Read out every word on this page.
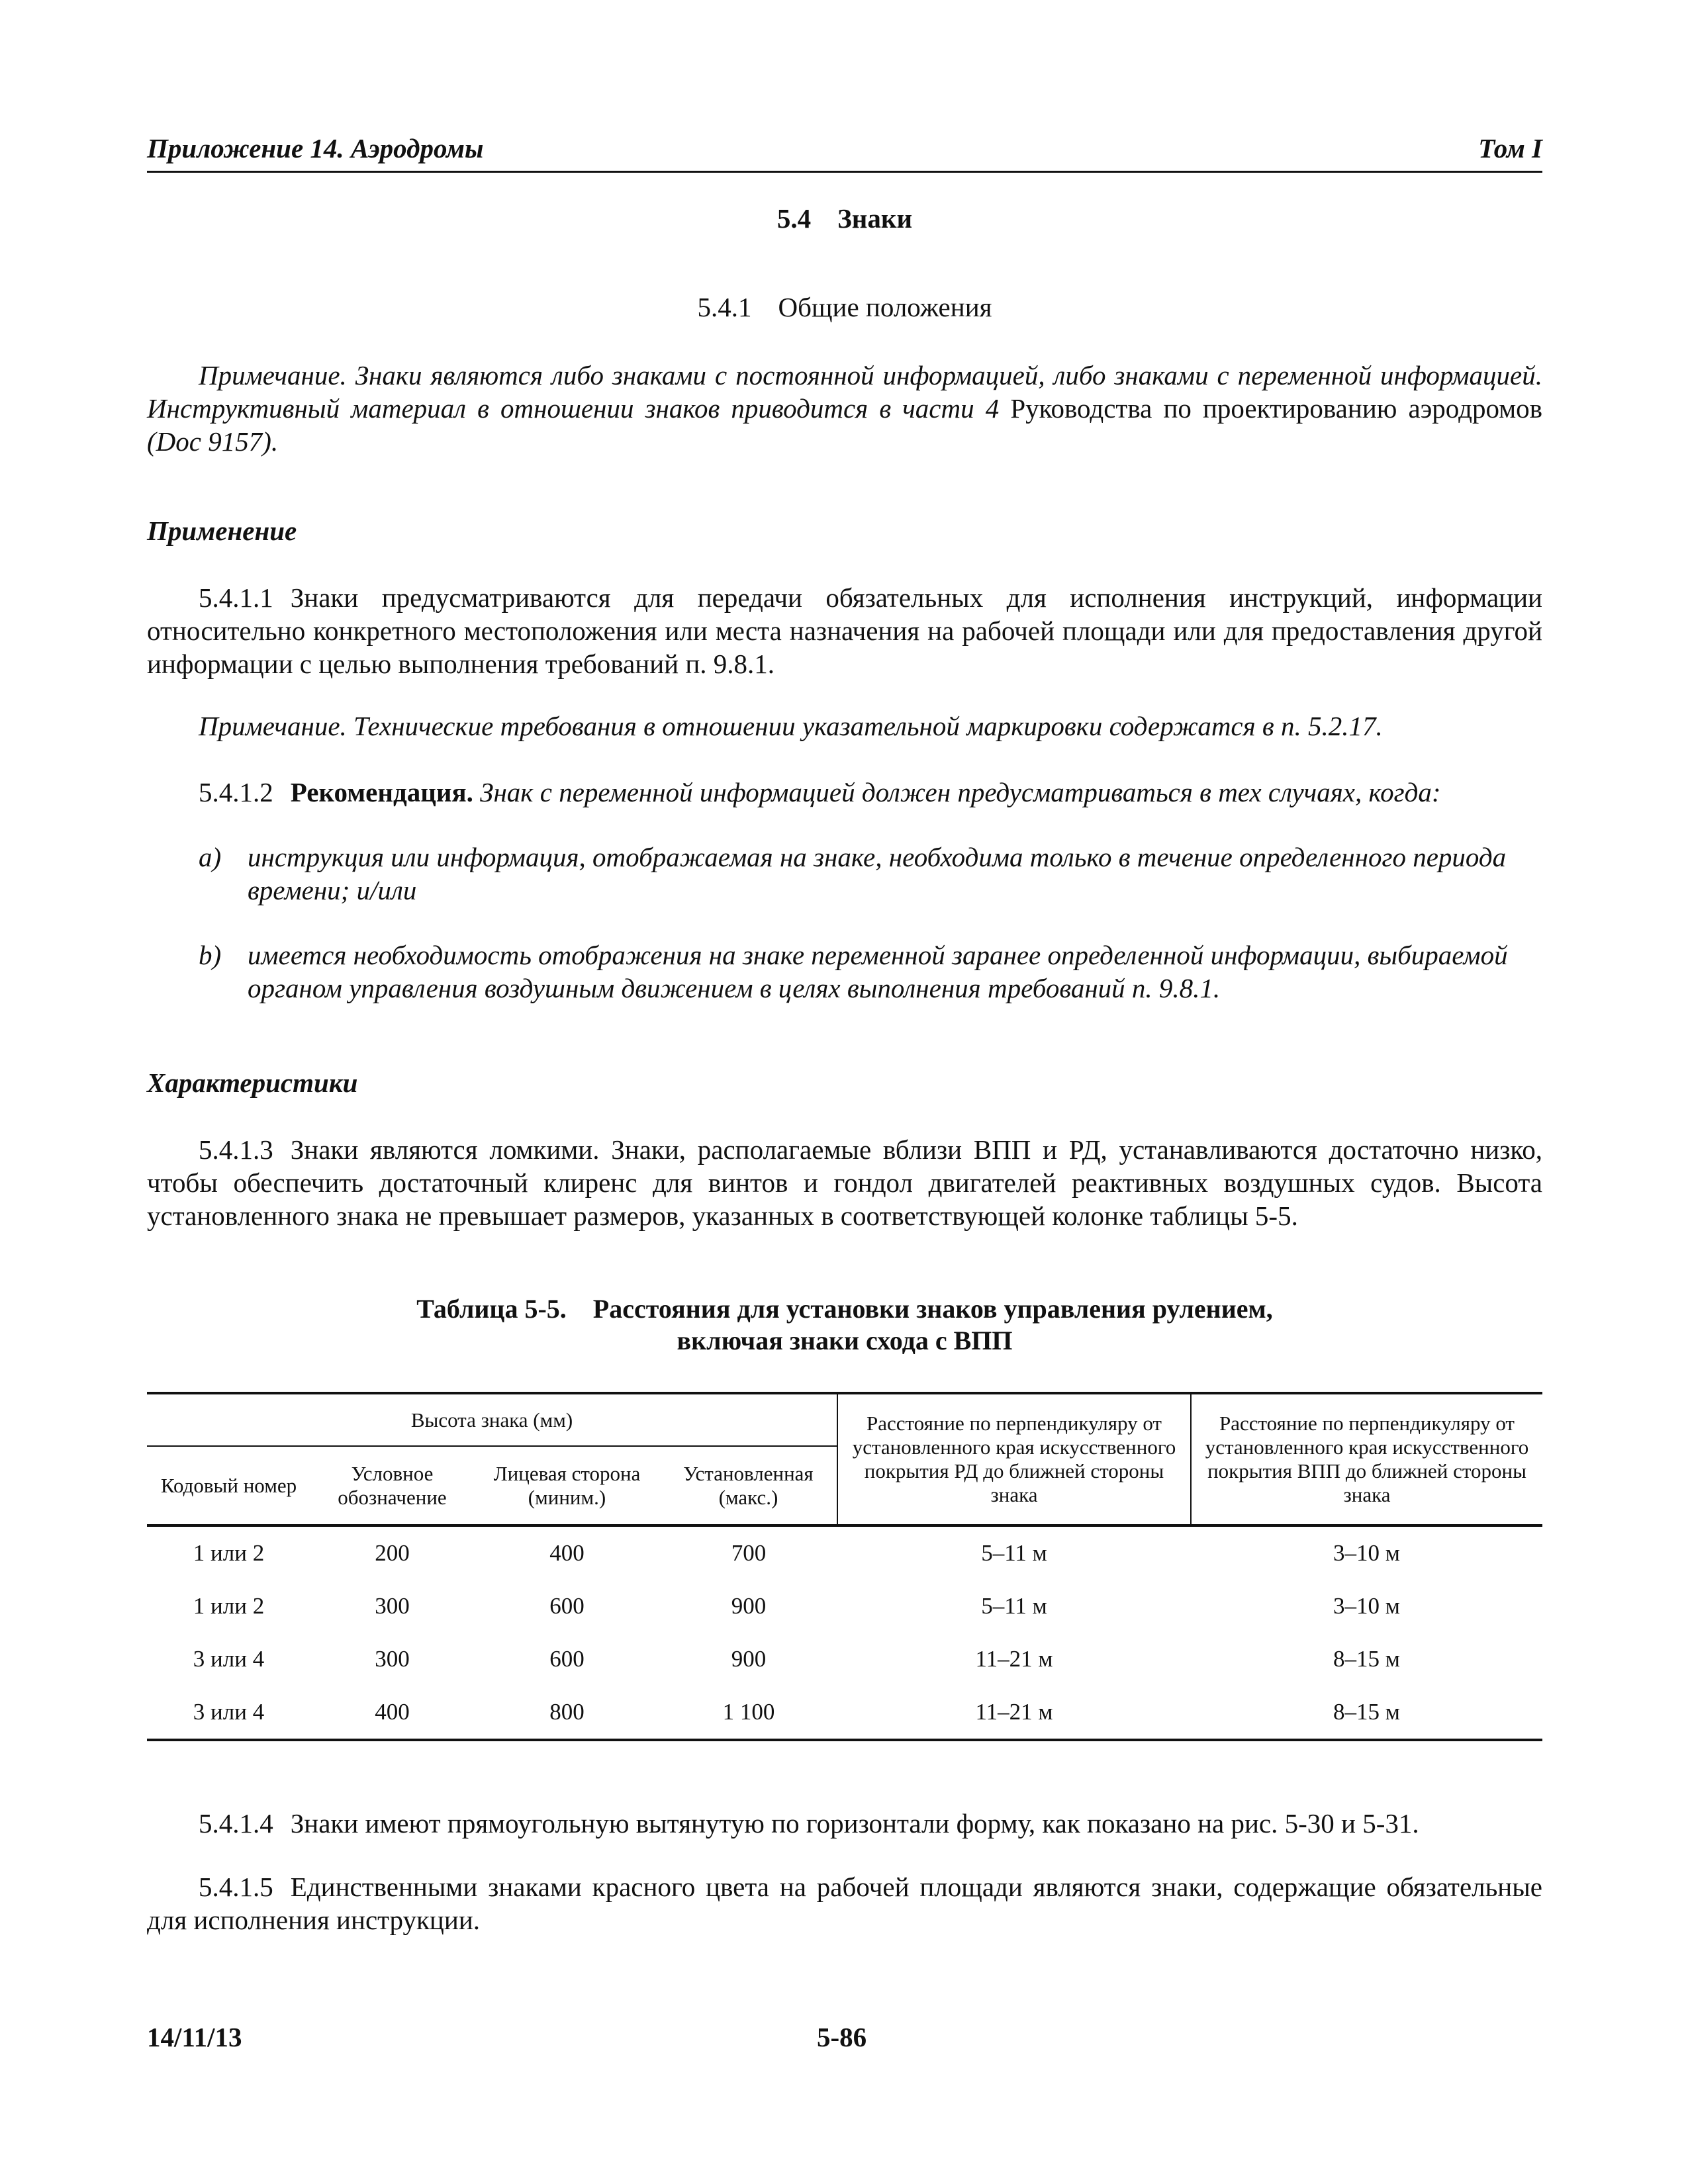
Приложение 14. Аэродромы	Том I
5.4 Знаки
5.4.1 Общие положения
Примечание. Знаки являются либо знаками с постоянной информацией, либо знаками с переменной информацией. Инструктивный материал в отношении знаков приводится в части 4 Руководства по проектированию аэродромов (Doc 9157).
Применение
5.4.1.1 Знаки предусматриваются для передачи обязательных для исполнения инструкций, информации относительно конкретного местоположения или места назначения на рабочей площади или для предоставления другой информации с целью выполнения требований п. 9.8.1.
Примечание. Технические требования в отношении указательной маркировки содержатся в п. 5.2.17.
5.4.1.2 Рекомендация. Знак с переменной информацией должен предусматриваться в тех случаях, когда:
a) инструкция или информация, отображаемая на знаке, необходима только в течение определенного периода времени; и/или
b) имеется необходимость отображения на знаке переменной заранее определенной информации, выбираемой органом управления воздушным движением в целях выполнения требований п. 9.8.1.
Характеристики
5.4.1.3 Знаки являются ломкими. Знаки, располагаемые вблизи ВПП и РД, устанавливаются достаточно низко, чтобы обеспечить достаточный клиренс для винтов и гондол двигателей реактивных воздушных судов. Высота установленного знака не превышает размеров, указанных в соответствующей колонке таблицы 5-5.
Таблица 5-5. Расстояния для установки знаков управления рулением,
включая знаки схода с ВПП
Высота знака (мм)				Расстояние по перпендикуляру от установленного края искусственного покрытия РД до ближней стороны знака	Расстояние по перпендикуляру от установленного края искусственного покрытия ВПП до ближней стороны знака
Кодовый номер	Условное обозначение	Лицевая сторона (миним.)	Установленная (макс.)		
1 или 2	200	400	700	5–11 м	3–10 м
1 или 2	300	600	900	5–11 м	3–10 м
3 или 4	300	600	900	11–21 м	8–15 м
3 или 4	400	800	1 100	11–21 м	8–15 м
5.4.1.4 Знаки имеют прямоугольную вытянутую по горизонтали форму, как показано на рис. 5-30 и 5-31.
5.4.1.5 Единственными знаками красного цвета на рабочей площади являются знаки, содержащие обязательные для исполнения инструкции.
14/11/13	5-86
